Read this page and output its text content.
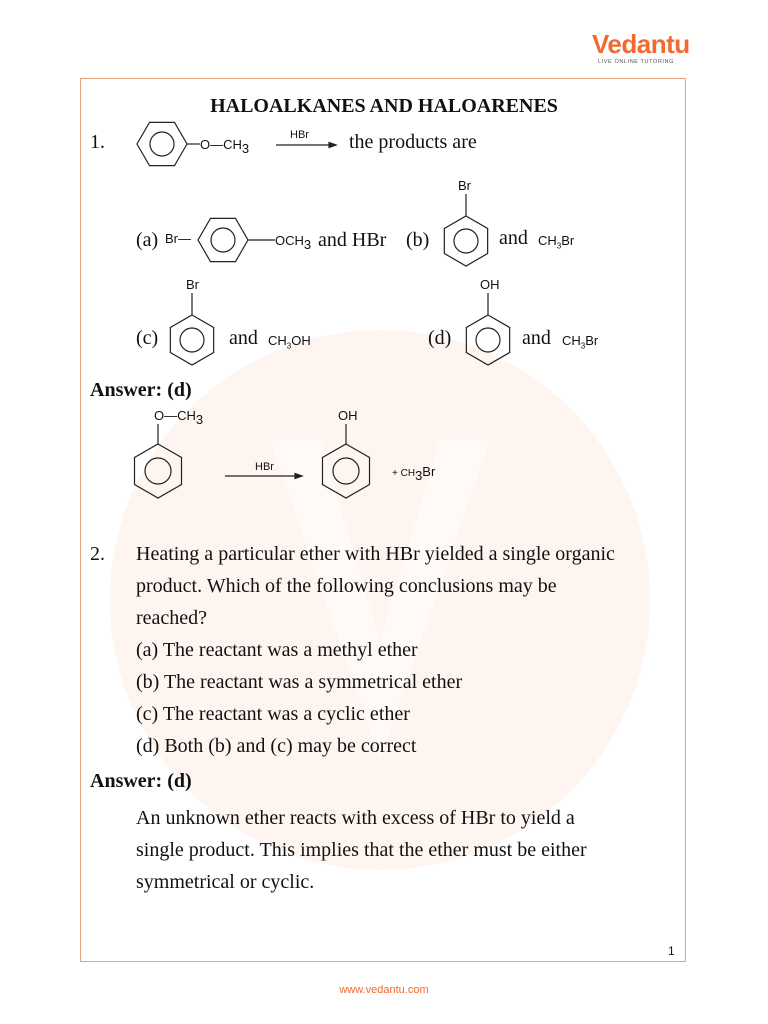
Vedantu
LIVE ONLINE TUTORING
HALOALKANES AND HALOARENES
1.	O—CH3
HBr the products are
(a) Br—	OCH3 and HBr (b)
Br
and $CH_3Br$
(c)
Br
and $CH_3OH$	(d)
OH
and $CH_3Br$
Answer: (d)
O—CH3
HBr
OH
+ CH3Br
2. Heating a particular ether with HBr yielded a single organic
product. Which of the following conclusions may be
reached?
(a) The reactant was a methyl ether
(b) The reactant was a symmetrical ether
(c) The reactant was a cyclic ether
(d) Both (b) and (c) may be correct
Answer: (d)
An unknown ether reacts with excess of HBr to yield a
single product. This implies that the ether must be either
symmetrical or cyclic.
1
www.vedantu.com
